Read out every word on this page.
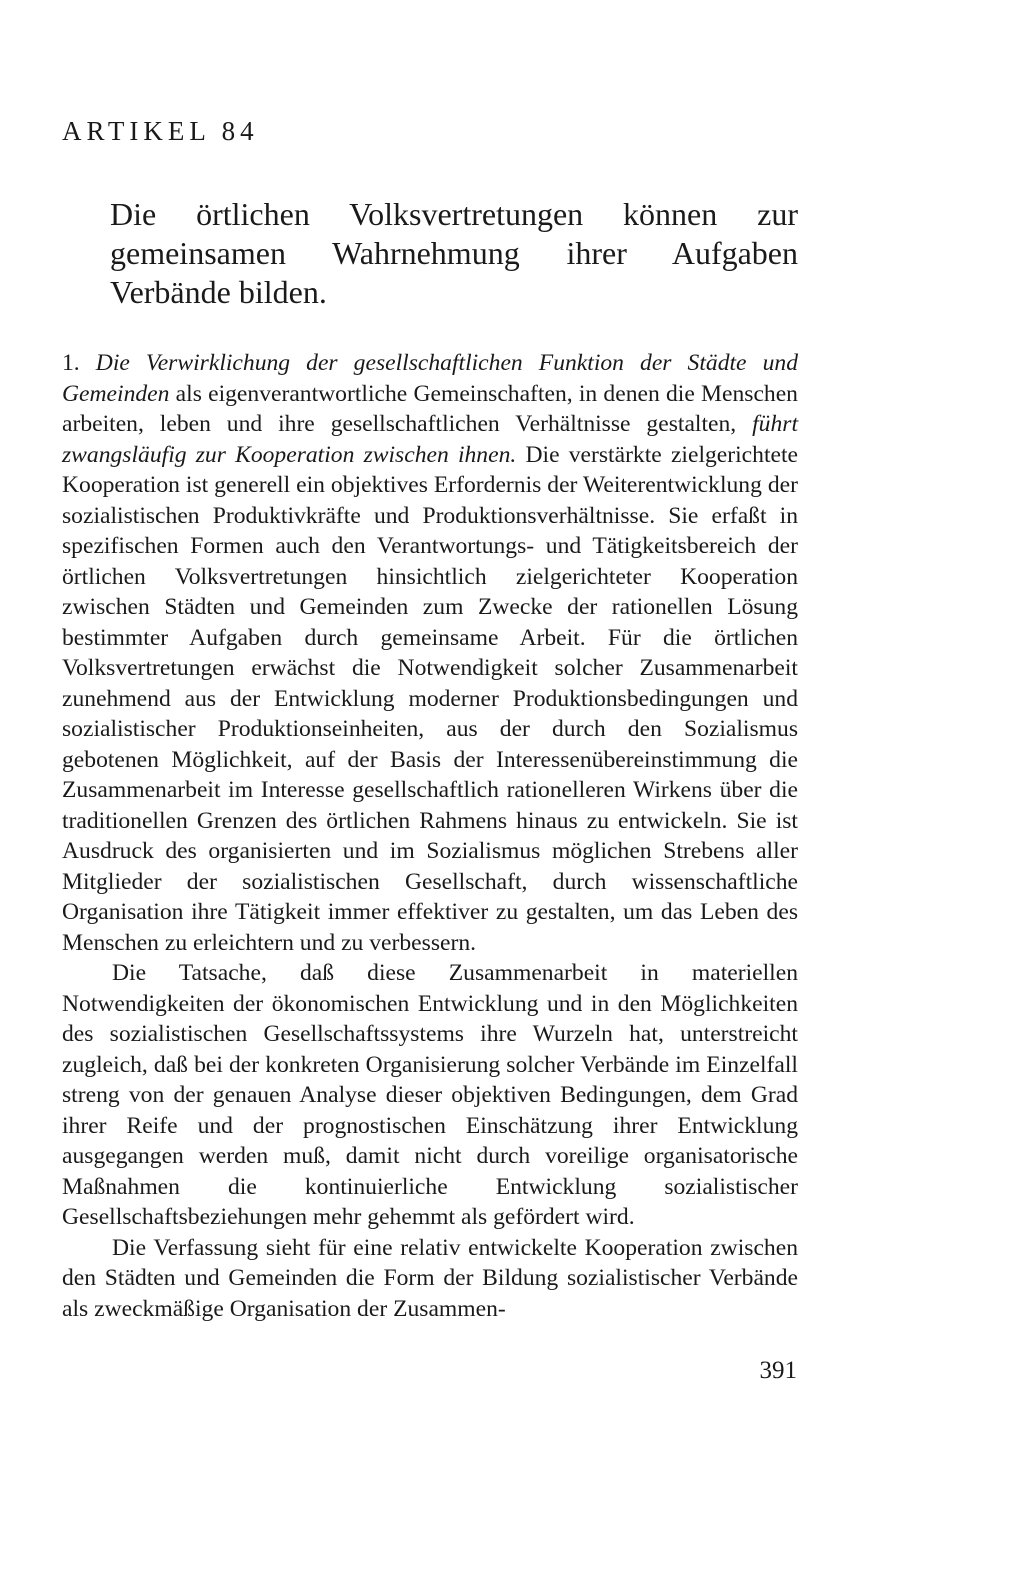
ARTIKEL 84
Die örtlichen Volksvertretungen können zur gemeinsamen Wahrnehmung ihrer Aufgaben Verbände bilden.

1. Die Verwirklichung der gesellschaftlichen Funktion der Städte und Gemeinden als eigenverantwortliche Gemeinschaften, in denen die Menschen arbeiten, leben und ihre gesellschaftlichen Verhältnisse gestalten, führt zwangsläufig zur Kooperation zwischen ihnen. Die verstärkte zielgerichtete Kooperation ist generell ein objektives Erfordernis der Weiterentwicklung der sozialistischen Produktivkräfte und Produktionsverhältnisse. Sie erfaßt in spezifischen Formen auch den Verantwortungs- und Tätigkeitsbereich der örtlichen Volksvertretungen hinsichtlich zielgerichteter Kooperation zwischen Städten und Gemeinden zum Zwecke der rationellen Lösung bestimmter Aufgaben durch gemeinsame Arbeit. Für die örtlichen Volksvertretungen erwächst die Notwendigkeit solcher Zusammenarbeit zunehmend aus der Entwicklung moderner Produktionsbedingungen und sozialistischer Produktionseinheiten, aus der durch den Sozialismus gebotenen Möglichkeit, auf der Basis der Interessenübereinstimmung die Zusammenarbeit im Interesse gesellschaftlich rationelleren Wirkens über die traditionellen Grenzen des örtlichen Rahmens hinaus zu entwickeln. Sie ist Ausdruck des organisierten und im Sozialismus möglichen Strebens aller Mitglieder der sozialistischen Gesellschaft, durch wissenschaftliche Organisation ihre Tätigkeit immer effektiver zu gestalten, um das Leben des Menschen zu erleichtern und zu verbessern.

Die Tatsache, daß diese Zusammenarbeit in materiellen Notwendigkeiten der ökonomischen Entwicklung und in den Möglichkeiten des sozialistischen Gesellschaftssystems ihre Wurzeln hat, unterstreicht zugleich, daß bei der konkreten Organisierung solcher Verbände im Einzelfall streng von der genauen Analyse dieser objektiven Bedingungen, dem Grad ihrer Reife und der prognostischen Einschätzung ihrer Entwicklung ausgegangen werden muß, damit nicht durch voreilige organisatorische Maßnahmen die kontinuierliche Entwicklung sozialistischer Gesellschaftsbeziehungen mehr gehemmt als gefördert wird.

Die Verfassung sieht für eine relativ entwickelte Kooperation zwischen den Städten und Gemeinden die Form der Bildung sozialistischer Verbände als zweckmäßige Organisation der Zusammen-

391
